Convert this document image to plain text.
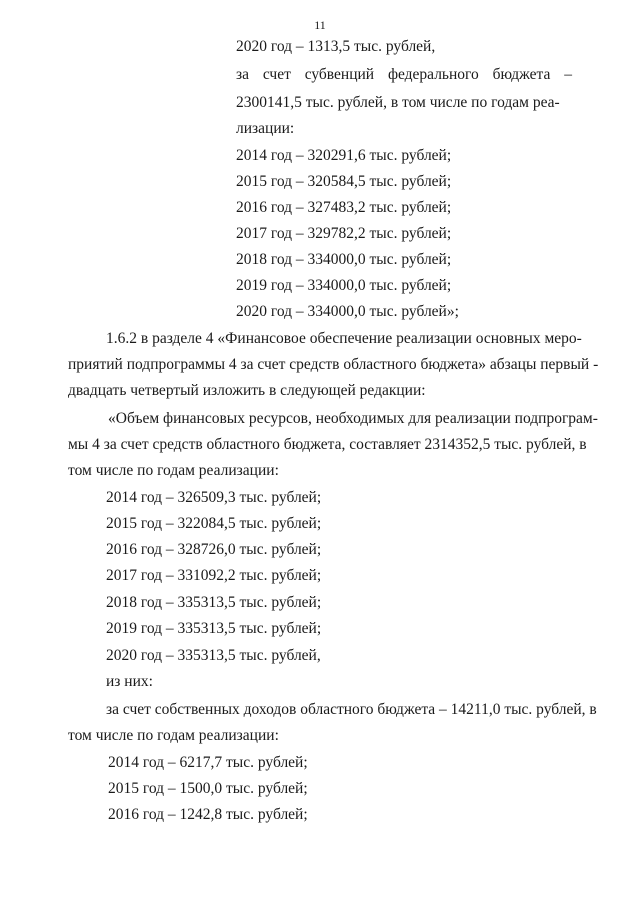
11
2020 год – 1313,5 тыс. рублей,
за счет субвенций федерального бюджета –
2300141,5 тыс. рублей, в том числе по годам реа-
лизации:
2014 год – 320291,6 тыс. рублей;
2015 год – 320584,5 тыс. рублей;
2016 год – 327483,2 тыс. рублей;
2017 год – 329782,2 тыс. рублей;
2018 год – 334000,0 тыс. рублей;
2019 год – 334000,0 тыс. рублей;
2020 год – 334000,0 тыс. рублей»;
1.6.2 в разделе 4 «Финансовое обеспечение реализации основных меро-
приятий подпрограммы 4 за счет средств областного бюджета» абзацы первый -
двадцать четвертый изложить в следующей редакции:
«Объем финансовых ресурсов, необходимых для реализации подпрограм-
мы 4 за счет средств областного бюджета, составляет 2314352,5 тыс. рублей, в
том числе по годам реализации:
2014 год – 326509,3 тыс. рублей;
2015 год – 322084,5 тыс. рублей;
2016 год – 328726,0 тыс. рублей;
2017 год – 331092,2 тыс. рублей;
2018 год – 335313,5 тыс. рублей;
2019 год – 335313,5 тыс. рублей;
2020 год – 335313,5 тыс. рублей,
из них:
за счет собственных доходов областного бюджета – 14211,0 тыс. рублей, в
том числе по годам реализации:
2014 год – 6217,7 тыс. рублей;
2015 год – 1500,0 тыс. рублей;
2016 год – 1242,8 тыс. рублей;
